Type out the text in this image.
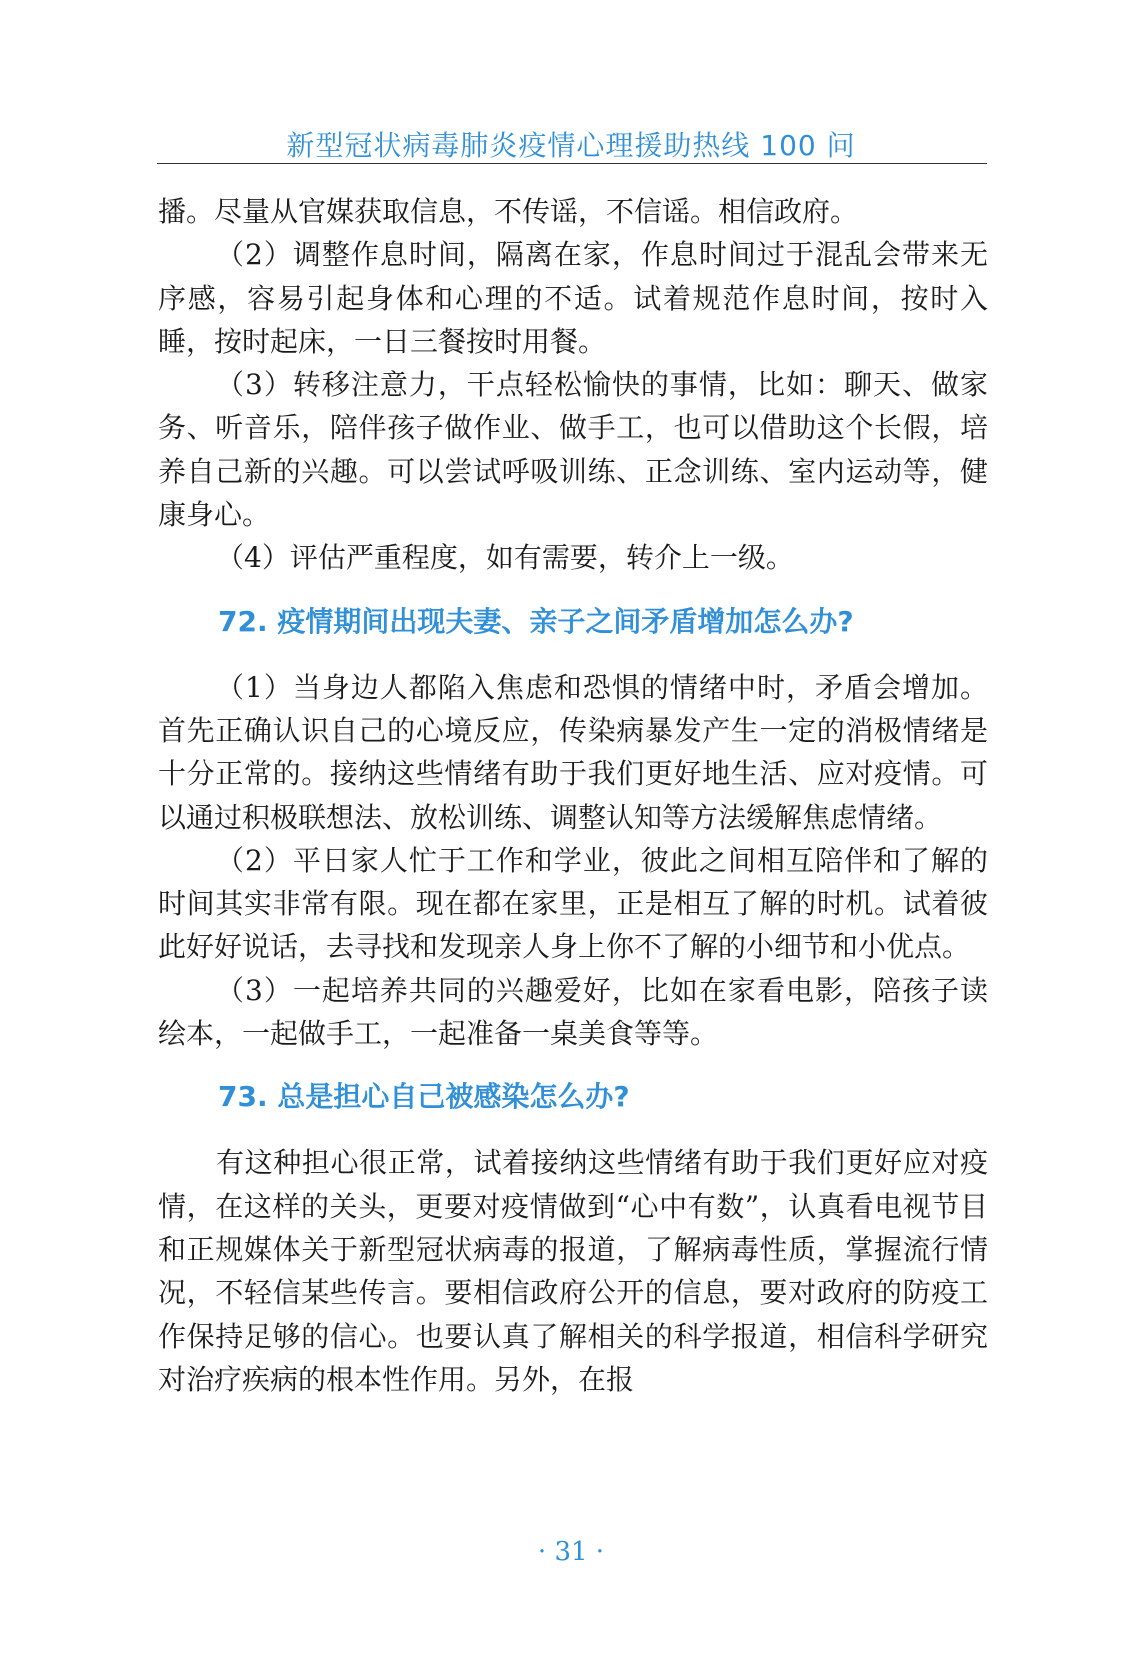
新型冠状病毒肺炎疫情心理援助热线 100 问

播。尽量从官媒获取信息，不传谣，不信谣。相信政府。

（2）调整作息时间，隔离在家，作息时间过于混乱会带来无序感，容易引起身体和心理的不适。试着规范作息时间，按时入睡，按时起床，一日三餐按时用餐。

（3）转移注意力，干点轻松愉快的事情，比如：聊天、做家务、听音乐，陪伴孩子做作业、做手工，也可以借助这个长假，培养自己新的兴趣。可以尝试呼吸训练、正念训练、室内运动等，健康身心。

（4）评估严重程度，如有需要，转介上一级。

72. 疫情期间出现夫妻、亲子之间矛盾增加怎么办?

（1）当身边人都陷入焦虑和恐惧的情绪中时，矛盾会增加。首先正确认识自己的心境反应，传染病暴发产生一定的消极情绪是十分正常的。接纳这些情绪有助于我们更好地生活、应对疫情。可以通过积极联想法、放松训练、调整认知等方法缓解焦虑情绪。

（2）平日家人忙于工作和学业，彼此之间相互陪伴和了解的时间其实非常有限。现在都在家里，正是相互了解的时机。试着彼此好好说话，去寻找和发现亲人身上你不了解的小细节和小优点。

（3）一起培养共同的兴趣爱好，比如在家看电影，陪孩子读绘本，一起做手工，一起准备一桌美食等等。

73. 总是担心自己被感染怎么办?

有这种担心很正常，试着接纳这些情绪有助于我们更好应对疫情，在这样的关头，更要对疫情做到“心中有数”，认真看电视节目和正规媒体关于新型冠状病毒的报道，了解病毒性质，掌握流行情况，不轻信某些传言。要相信政府公开的信息，要对政府的防疫工作保持足够的信心。也要认真了解相关的科学报道，相信科学研究对治疗疾病的根本性作用。另外，在报

· 31 ·
